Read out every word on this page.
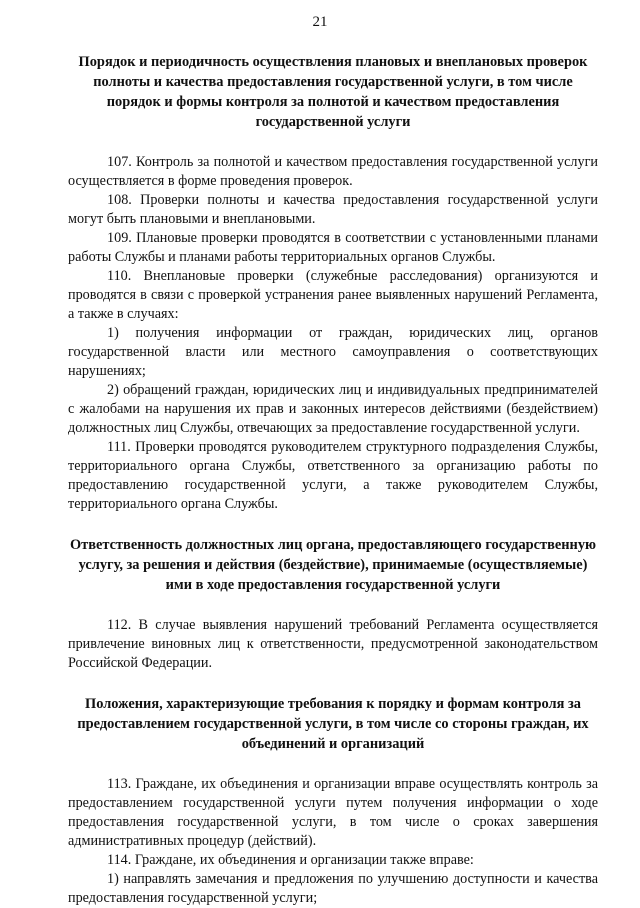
21

Порядок и периодичность осуществления плановых и внеплановых проверок полноты и качества предоставления государственной услуги, в том числе порядок и формы контроля за полнотой и качеством предоставления государственной услуги

107. Контроль за полнотой и качеством предоставления государственной услуги осуществляется в форме проведения проверок.

108. Проверки полноты и качества предоставления государственной услуги могут быть плановыми и внеплановыми.

109. Плановые проверки проводятся в соответствии с установленными планами работы Службы и планами работы территориальных органов Службы.

110. Внеплановые проверки (служебные расследования) организуются и проводятся в связи с проверкой устранения ранее выявленных нарушений Регламента, а также в случаях:

1) получения информации от граждан, юридических лиц, органов государственной власти или местного самоуправления о соответствующих нарушениях;

2) обращений граждан, юридических лиц и индивидуальных предпринимателей с жалобами на нарушения их прав и законных интересов действиями (бездействием) должностных лиц Службы, отвечающих за предоставление государственной услуги.

111. Проверки проводятся руководителем структурного подразделения Службы, территориального органа Службы, ответственного за организацию работы по предоставлению государственной услуги, а также руководителем Службы, территориального органа Службы.

Ответственность должностных лиц органа, предоставляющего государственную услугу, за решения и действия (бездействие), принимаемые (осуществляемые) ими в ходе предоставления государственной услуги

112. В случае выявления нарушений требований Регламента осуществляется привлечение виновных лиц к ответственности, предусмотренной законодательством Российской Федерации.

Положения, характеризующие требования к порядку и формам контроля за предоставлением государственной услуги, в том числе со стороны граждан, их объединений и организаций

113. Граждане, их объединения и организации вправе осуществлять контроль за предоставлением государственной услуги путем получения информации о ходе предоставления государственной услуги, в том числе о сроках завершения административных процедур (действий).

114. Граждане, их объединения и организации также вправе:

1) направлять замечания и предложения по улучшению доступности и качества предоставления государственной услуги;
